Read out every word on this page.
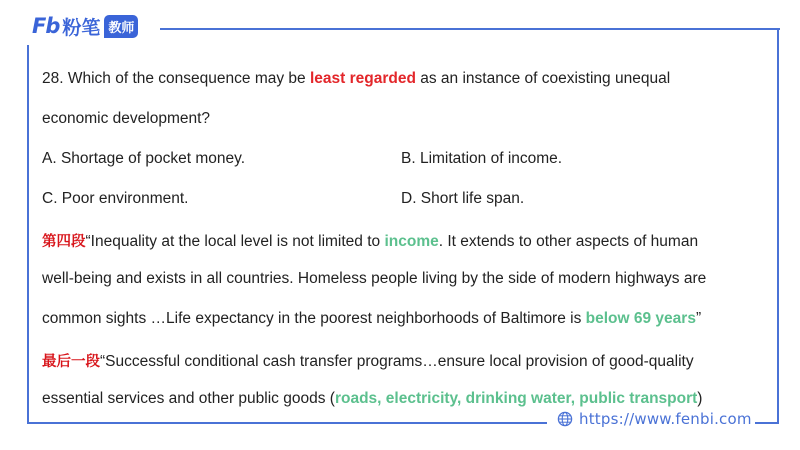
Fb 粉笔 教师
28. Which of the consequence may be least regarded as an instance of coexisting unequal
economic development?
A. Shortage of pocket money.	B. Limitation of income.
C. Poor environment.	D. Short life span.
第四段“Inequality at the local level is not limited to income. It extends to other aspects of human
well-being and exists in all countries. Homeless people living by the side of modern highways are
common sights …Life expectancy in the poorest neighborhoods of Baltimore is below 69 years”
最后一段“Successful conditional cash transfer programs…ensure local provision of good-quality
essential services and other public goods (roads, electricity, drinking water, public transport)
https://www.fenbi.com
